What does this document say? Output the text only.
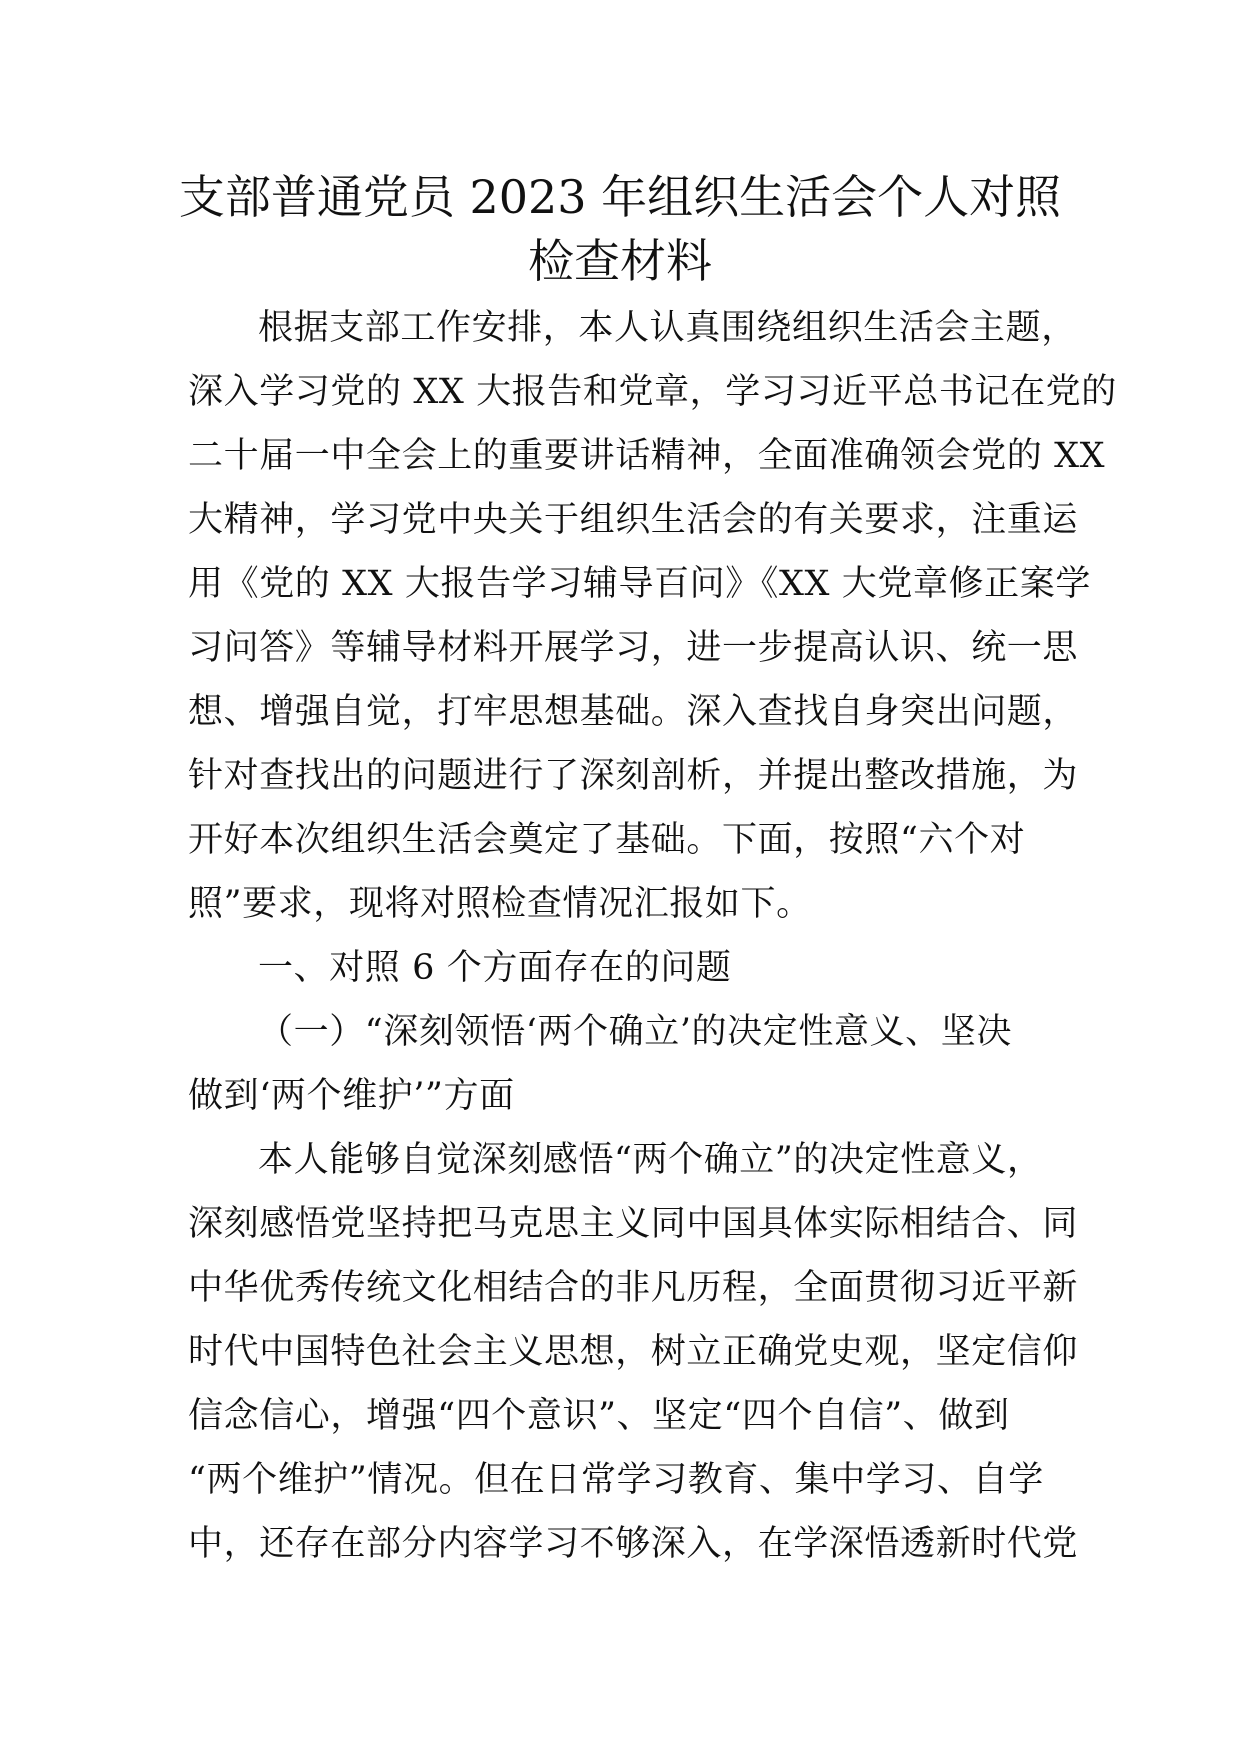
支部普通党员 2023 年组织生活会个人对照
检查材料
根据支部工作安排，本人认真围绕组织生活会主题，
深入学习党的 XX 大报告和党章，学习习近平总书记在党的
二十届一中全会上的重要讲话精神，全面准确领会党的 XX
大精神，学习党中央关于组织生活会的有关要求，注重运
用《党的 XX 大报告学习辅导百问》《XX 大党章修正案学
习问答》等辅导材料开展学习，进一步提高认识、统一思
想、增强自觉，打牢思想基础。深入查找自身突出问题，
针对查找出的问题进行了深刻剖析，并提出整改措施，为
开好本次组织生活会奠定了基础。下面，按照“六个对
照”要求，现将对照检查情况汇报如下。
一、对照 6 个方面存在的问题
（一）“深刻领悟‘两个确立’的决定性意义、坚决
做到‘两个维护’”方面
本人能够自觉深刻感悟“两个确立”的决定性意义，
深刻感悟党坚持把马克思主义同中国具体实际相结合、同
中华优秀传统文化相结合的非凡历程，全面贯彻习近平新
时代中国特色社会主义思想，树立正确党史观，坚定信仰
信念信心，增强“四个意识”、坚定“四个自信”、做到
“两个维护”情况。但在日常学习教育、集中学习、自学
中，还存在部分内容学习不够深入，在学深悟透新时代党
